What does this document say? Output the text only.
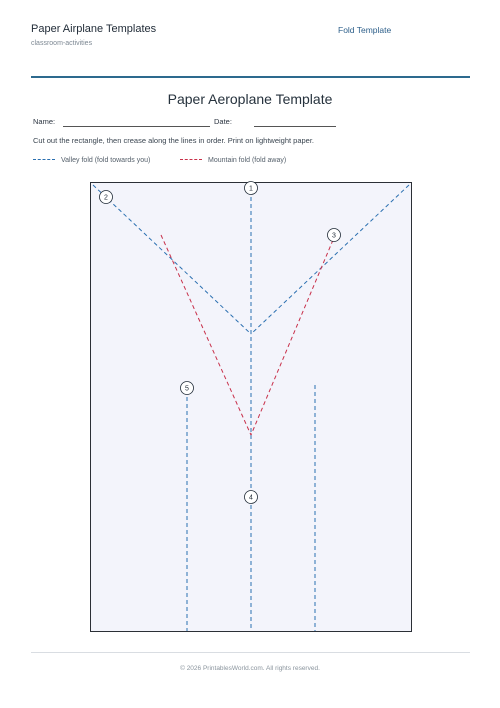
Paper Airplane Templates
classroom-activities
Fold Template
Paper Aeroplane Template
Name:	Date:
Cut out the rectangle, then crease along the lines in order. Print on lightweight paper.
Valley fold (fold towards you)	Mountain fold (fold away)
1
2
3
4
5
© 2026 PrintablesWorld.com. All rights reserved.
